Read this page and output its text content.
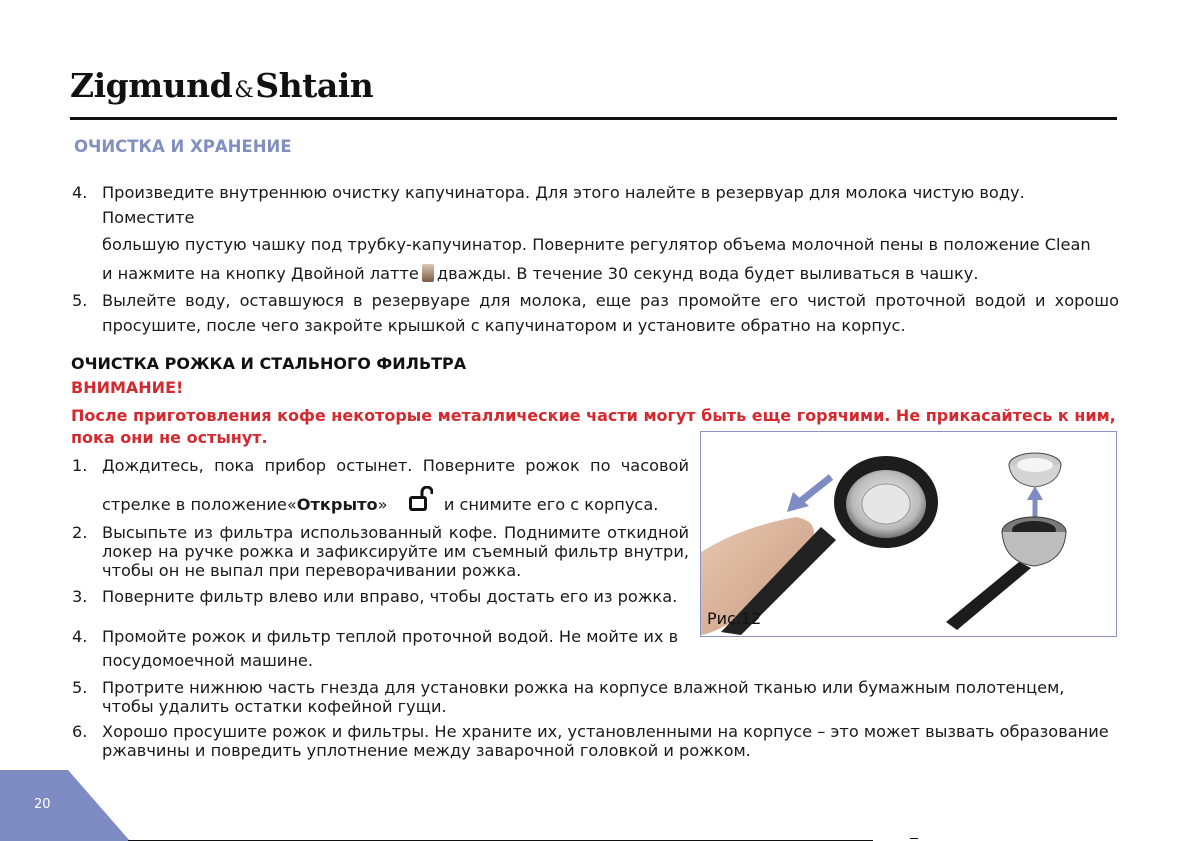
Zigmund&Shtain
ОЧИСТКА И ХРАНЕНИЕ
4. Произведите внутреннюю очистку капучинатора. Для этого налейте в резервуар для молока чистую воду. Поместите
большую пустую чашку под трубку-капучинатор. Поверните регулятор объема молочной пены в положение Clean
и нажмите на кнопку Двойной латте дважды. В течение 30 секунд вода будет выливаться в чашку.
5. Вылейте воду, оставшуюся в резервуаре для молока, еще раз промойте его чистой проточной водой и хорошо просушите, после чего закройте крышкой с капучинатором и установите обратно на корпус.
ОЧИСТКА РОЖКА И СТАЛЬНОГО ФИЛЬТРА
ВНИМАНИЕ!
После приготовления кофе некоторые металлические части могут быть еще горячими. Не прикасайтесь к ним, пока они не остынут.
1. Дождитесь, пока прибор остынет. Поверните рожок по часовой
стрелке в положение«Открыто»	и снимите его с корпуса.
2. Высыпьте из фильтра использованный кофе. Поднимите откидной локер на ручке рожка и зафиксируйте им съемный фильтр внутри, чтобы он не выпал при переворачивании рожка.
3. Поверните фильтр влево или вправо, чтобы достать его из рожка.
4. Промойте рожок и фильтр теплой проточной водой. Не мойте их в
посудомоечной машине.
5. Протрите нижнюю часть гнезда для установки рожка на корпусе влажной тканью или бумажным полотенцем, чтобы удалить остатки кофейной гущи.
6. Хорошо просушите рожок и фильтры. Не храните их, установленными на корпусе – это может вызвать образование ржавчины и повредить уплотнение между заварочной головкой и рожком.
Рис.12
20
